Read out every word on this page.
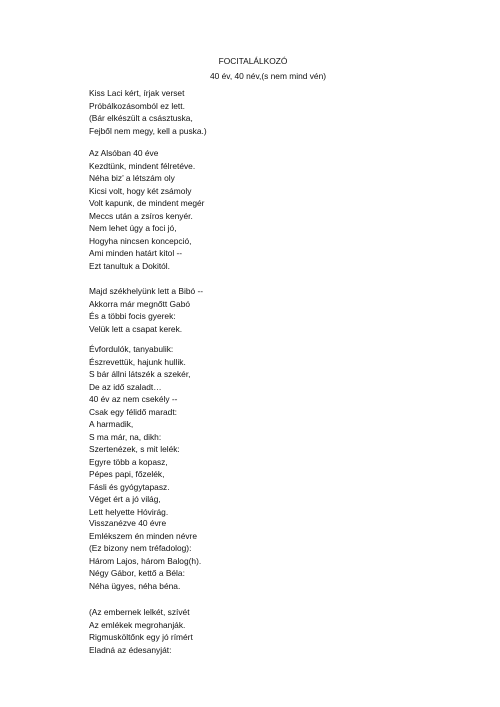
FOCITALÁLKOZÓ

40 év, 40 név,(s nem mind vén)

Kiss Laci kért, írjak verset
Próbálkozásomból ez lett.
(Bár elkészült a császtuska,
Fejből nem megy, kell a puska.)
Az Alsóban 40 éve
Kezdtünk, mindent félretéve.
Néha biz’ a létszám oly
Kicsi volt, hogy két zsámoly
Volt kapunk, de mindent megér
Meccs után a zsíros kenyér.
Nem lehet úgy a foci jó,
Hogyha nincsen koncepció,
Ami minden határt kitol --
Ezt tanultuk a Dokitól.
Majd székhelyünk lett a Bibó --
Akkorra már megnőtt Gabó
És a többi focis gyerek:
Velük lett a csapat kerek.
Évfordulók, tanyabulik:
Észrevettük, hajunk hullik.
S bár állni látszék a szekér,
De az idő szaladt…
40 év az nem csekély --
Csak egy félidő maradt:
A harmadik,
S ma már, na, dikh:
Szertenézek, s mit lelék:
Egyre több a kopasz,
Pépes papi, főzelék,
Fásli és gyógytapasz.
Véget ért a jó világ,
Lett helyette Hóvirág.
Visszanézve 40 évre
Emlékszem én minden névre
(Ez bizony nem tréfadolog):
Három Lajos, három Balog(h).
Négy Gábor, kettő a Béla:
Néha ügyes, néha béna.
(Az embernek lelkét, szívét
Az emlékek megrohanják.
Rigmusköltőnk egy jó rímért
Eladná az édesanyját:
